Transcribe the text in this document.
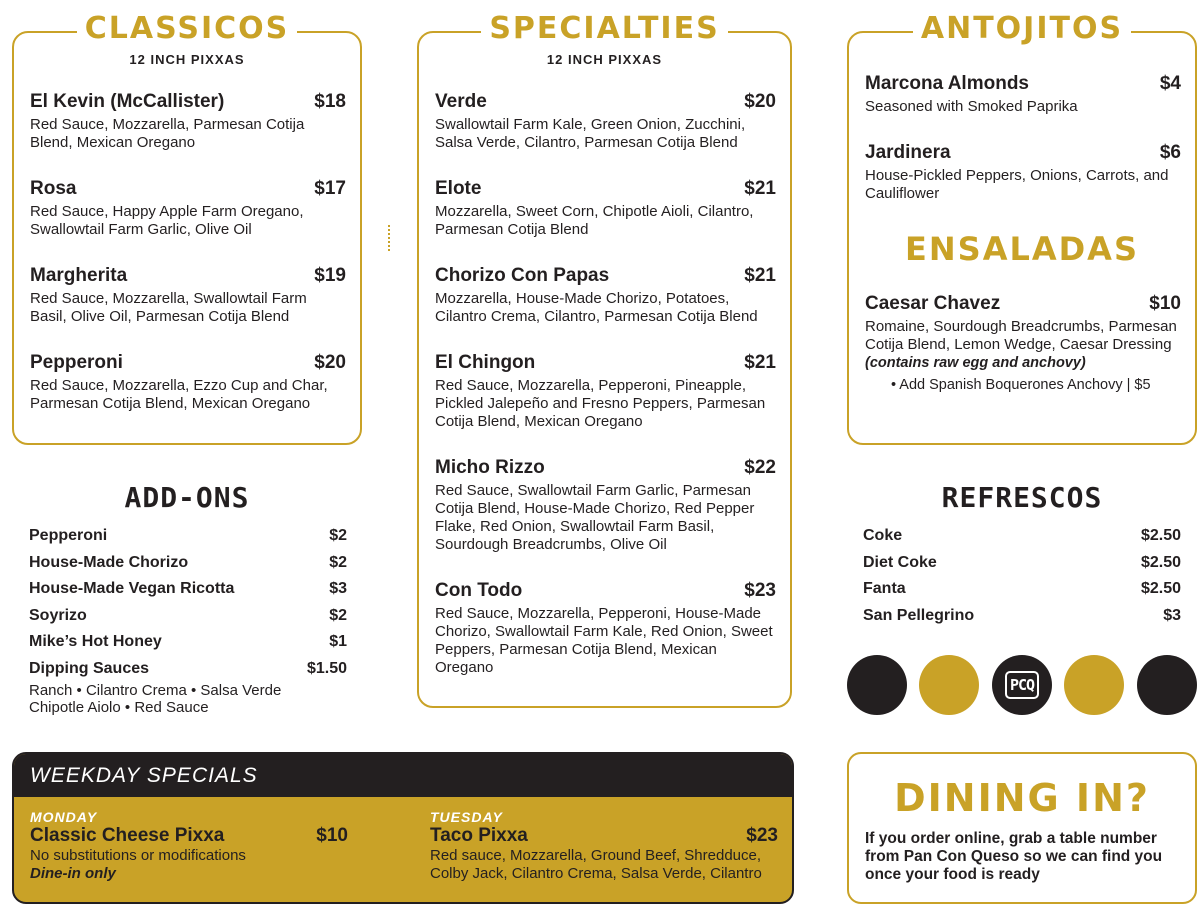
CLASSICOS
12 INCH PIXXAS
El Kevin (McCallister)	$18
Red Sauce, Mozzarella, Parmesan Cotija Blend, Mexican Oregano
Rosa	$17
Red Sauce, Happy Apple Farm Oregano, Swallowtail Farm Garlic, Olive Oil
Margherita	$19
Red Sauce, Mozzarella, Swallowtail Farm Basil, Olive Oil, Parmesan Cotija Blend
Pepperoni	$20
Red Sauce, Mozzarella, Ezzo Cup and Char, Parmesan Cotija Blend, Mexican Oregano
SPECIALTIES
12 INCH PIXXAS
Verde	$20
Swallowtail Farm Kale, Green Onion, Zucchini, Salsa Verde, Cilantro, Parmesan Cotija Blend
Elote	$21
Mozzarella, Sweet Corn, Chipotle Aioli, Cilantro, Parmesan Cotija Blend
Chorizo Con Papas	$21
Mozzarella, House-Made Chorizo, Potatoes, Cilantro Crema, Cilantro, Parmesan Cotija Blend
El Chingon	$21
Red Sauce, Mozzarella, Pepperoni, Pineapple, Pickled Jalepeño and Fresno Peppers, Parmesan Cotija Blend, Mexican Oregano
Micho Rizzo	$22
Red Sauce, Swallowtail Farm Garlic, Parmesan Cotija Blend, House-Made Chorizo, Red Pepper Flake, Red Onion, Swallowtail Farm Basil, Sourdough Breadcrumbs, Olive Oil
Con Todo	$23
Red Sauce, Mozzarella, Pepperoni, House-Made Chorizo, Swallowtail Farm Kale, Red Onion, Sweet Peppers, Parmesan Cotija Blend, Mexican Oregano
ANTOJITOS
Marcona Almonds	$4
Seasoned with Smoked Paprika
Jardinera	$6
House-Pickled Peppers, Onions, Carrots, and Cauliflower
ENSALADAS
Caesar Chavez	$10
Romaine, Sourdough Breadcrumbs, Parmesan Cotija Blend, Lemon Wedge, Caesar Dressing
(contains raw egg and anchovy)
• Add Spanish Boquerones Anchovy | $5
ADD-ONS
Pepperoni	$2
House-Made Chorizo	$2
House-Made Vegan Ricotta	$3
Soyrizo	$2
Mike’s Hot Honey	$1
Dipping Sauces	$1.50
Ranch • Cilantro Crema • Salsa Verde
Chipotle Aiolo • Red Sauce
REFRESCOS
Coke	$2.50
Diet Coke	$2.50
Fanta	$2.50
San Pellegrino	$3
PCQ
WEEKDAY SPECIALS
MONDAY
Classic Cheese Pixxa	$10
No substitutions or modifications
Dine-in only
TUESDAY
Taco Pixxa	$23
Red sauce, Mozzarella, Ground Beef, Shredduce, Colby Jack, Cilantro Crema, Salsa Verde, Cilantro
DINING IN?
If you order online, grab a table number from Pan Con Queso so we can find you once your food is ready
